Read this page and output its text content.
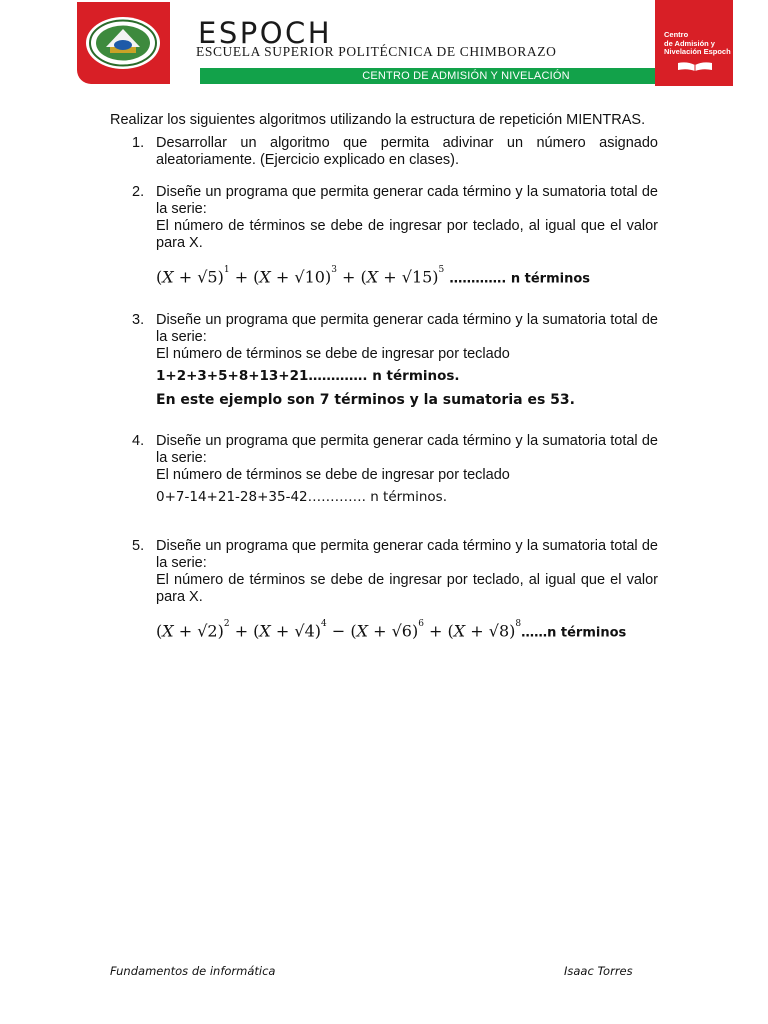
ESPOCH
ESCUELA SUPERIOR POLITÉCNICA DE CHIMBORAZO
CENTRO DE ADMISIÓN Y NIVELACIÓN
Centro
de Admisión y
Nivelación Espoch

Realizar los siguientes algoritmos utilizando la estructura de repetición MIENTRAS.

1. Desarrollar un algoritmo que permita adivinar un número asignado aleatoriamente. (Ejercicio explicado en clases).

2. Diseñe un programa que permita generar cada término y la sumatoria total de la serie:

El número de términos se debe de ingresar por teclado, al igual que el valor para X.

$(X + √5)^1 + (X + √10)^3 + (X + √15)^5$ …………. n términos
3. Diseñe un programa que permita generar cada término y la sumatoria total de la serie:

El número de términos se debe de ingresar por teclado

1+2+3+5+8+13+21…………. n términos.
En este ejemplo son 7 términos y la sumatoria es 53.
4. Diseñe un programa que permita generar cada término y la sumatoria total de la serie:

El número de términos se debe de ingresar por teclado

0+7-14+21-28+35-42…………. n términos.
5. Diseñe un programa que permita generar cada término y la sumatoria total de la serie:

El número de términos se debe de ingresar por teclado, al igual que el valor para X.

$(X + √2)^2 + (X + √4)^4 - (X + √6)^6 + (X$ + $√8)^8\dots\dots n$ términos
Fundamentos de informática	Isaac Torres
